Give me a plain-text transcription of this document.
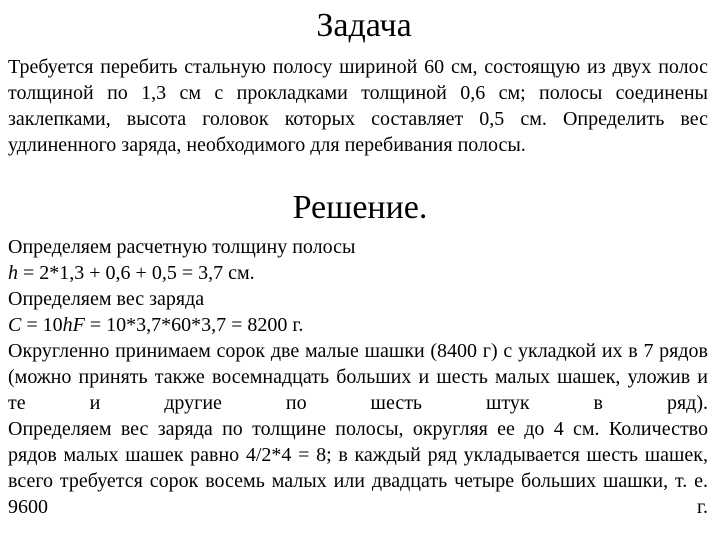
Задача
Требуется перебить стальную полосу шириной 60 см, состоящую из двух полос толщиной по 1,3 см с прокладками толщиной 0,6 см; полосы соединены заклепками, высота головок которых составляет 0,5 см. Определить вес удлиненного заряда, необходимого для перебивания полосы.
Решение.
Определяем расчетную толщину полосы
h = 2*1,3 + 0,6 + 0,5 = 3,7 см.
Определяем вес заряда
C = 10hF = 10*3,7*60*3,7 = 8200 г.
Округленно принимаем сорок две малые шашки (8400 г) с укладкой их в 7 рядов (можно принять также восемнадцать больших и шесть малых шашек, уложив и те и другие по шесть штук в ряд).
Определяем вес заряда по толщине полосы, округляя ее до 4 см. Количество рядов малых шашек равно 4/2*4 = 8; в каждый ряд укладывается шесть шашек, всего требуется сорок восемь малых или двадцать четыре больших шашки, т. е. 9600 г.
